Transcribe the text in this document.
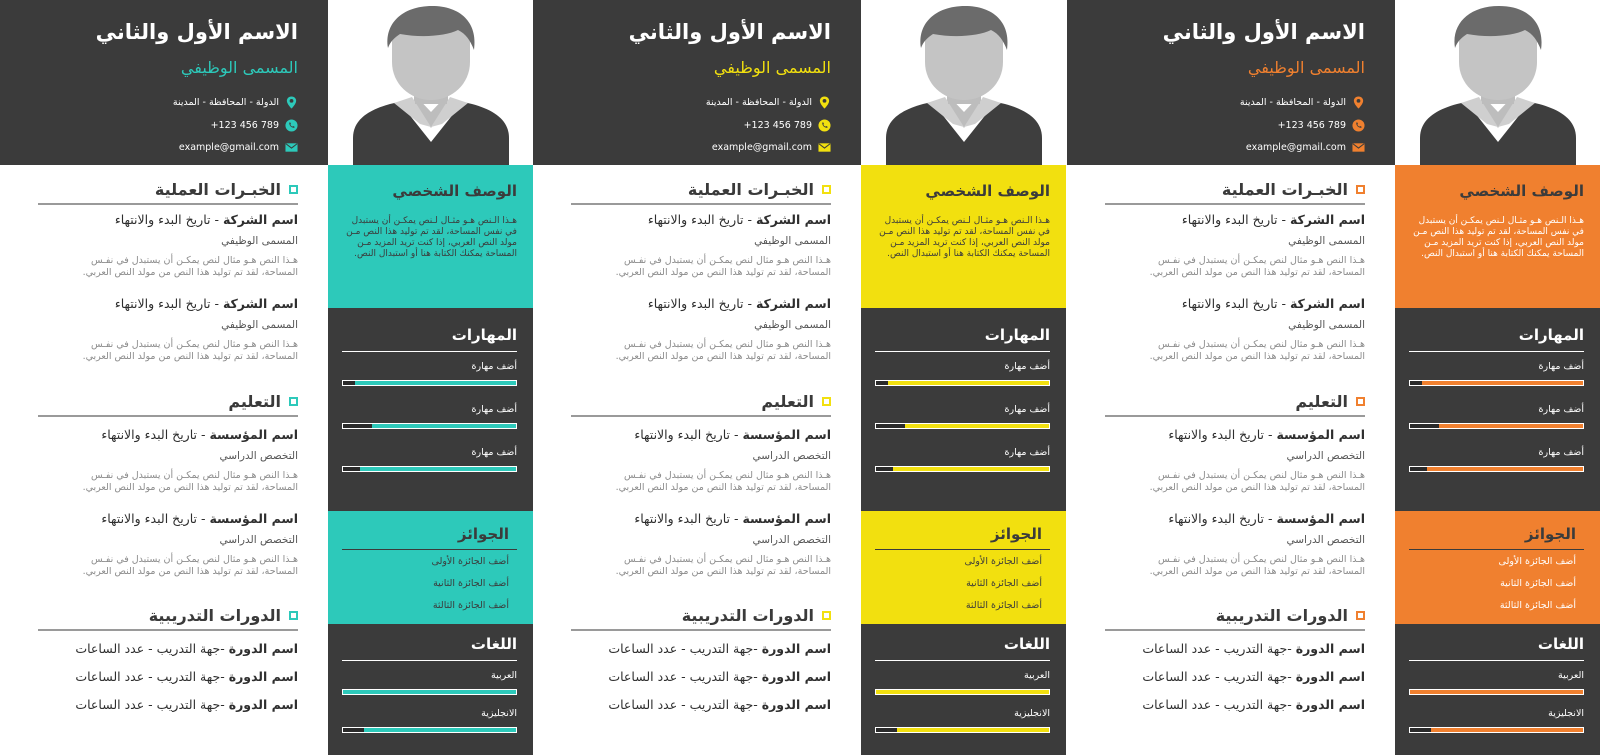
الاسم الأول والثاني
المسمى الوظيفي
الدولة - المحافظة - المدينة
+123 456 789
example@gmail.com
الوصف الشخصي
هـذا الـنص هـو مثـال لـنص يمكـن أن يستبدل في نفس المساحة، لقد تم توليد هذا النص مـن مولد النص العربي، إذا كنت تريد المزيد مـن المساحة يمكنك الكتابة هنا أو استبدال النص.
المهارات
أضف مهارة
أضف مهارة
أضف مهارة
الجوائز
أضف الجائزة الأولى
أضف الجائزة الثانية
أضف الجائزة الثالثة
اللغات
العربية
الانجليزية
الخبـرات العملية
اسم الشركة - تاريخ البدء والانتهاء
المسمى الوظيفي
هـذا النص هـو مثال لنص يمكـن أن يستبدل في نفـس المساحة، لقد تم توليد هذا النص من مولد النص العربي.
اسم الشركة - تاريخ البدء والانتهاء
المسمى الوظيفي
هـذا النص هـو مثال لنص يمكـن أن يستبدل في نفـس المساحة، لقد تم توليد هذا النص من مولد النص العربي.
التعليم
اسم المؤسسة - تاريخ البدء والانتهاء
التخصص الدراسي
هـذا النص هـو مثال لنص يمكـن أن يستبدل في نفـس المساحة، لقد تم توليد هذا النص من مولد النص العربي.
اسم المؤسسة - تاريخ البدء والانتهاء
التخصص الدراسي
هـذا النص هـو مثال لنص يمكـن أن يستبدل في نفـس المساحة، لقد تم توليد هذا النص من مولد النص العربي.
الدورات التدريبية
اسم الدورة -جهة التدريب - عدد الساعات
اسم الدورة -جهة التدريب - عدد الساعات
اسم الدورة -جهة التدريب - عدد الساعات
الاسم الأول والثاني
المسمى الوظيفي
الدولة - المحافظة - المدينة
+123 456 789
example@gmail.com
الوصف الشخصي
هـذا الـنص هـو مثـال لـنص يمكـن أن يستبدل في نفس المساحة، لقد تم توليد هذا النص مـن مولد النص العربي، إذا كنت تريد المزيد مـن المساحة يمكنك الكتابة هنا أو استبدال النص.
المهارات
أضف مهارة
أضف مهارة
أضف مهارة
الجوائز
أضف الجائزة الأولى
أضف الجائزة الثانية
أضف الجائزة الثالثة
اللغات
العربية
الانجليزية
الخبـرات العملية
اسم الشركة - تاريخ البدء والانتهاء
المسمى الوظيفي
هـذا النص هـو مثال لنص يمكـن أن يستبدل في نفـس المساحة، لقد تم توليد هذا النص من مولد النص العربي.
اسم الشركة - تاريخ البدء والانتهاء
المسمى الوظيفي
هـذا النص هـو مثال لنص يمكـن أن يستبدل في نفـس المساحة، لقد تم توليد هذا النص من مولد النص العربي.
التعليم
اسم المؤسسة - تاريخ البدء والانتهاء
التخصص الدراسي
هـذا النص هـو مثال لنص يمكـن أن يستبدل في نفـس المساحة، لقد تم توليد هذا النص من مولد النص العربي.
اسم المؤسسة - تاريخ البدء والانتهاء
التخصص الدراسي
هـذا النص هـو مثال لنص يمكـن أن يستبدل في نفـس المساحة، لقد تم توليد هذا النص من مولد النص العربي.
الدورات التدريبية
اسم الدورة -جهة التدريب - عدد الساعات
اسم الدورة -جهة التدريب - عدد الساعات
اسم الدورة -جهة التدريب - عدد الساعات
الاسم الأول والثاني
المسمى الوظيفي
الدولة - المحافظة - المدينة
+123 456 789
example@gmail.com
الوصف الشخصي
هـذا الـنص هـو مثـال لـنص يمكـن أن يستبدل في نفس المساحة، لقد تم توليد هذا النص مـن مولد النص العربي، إذا كنت تريد المزيد مـن المساحة يمكنك الكتابة هنا أو استبدال النص.
المهارات
أضف مهارة
أضف مهارة
أضف مهارة
الجوائز
أضف الجائزة الأولى
أضف الجائزة الثانية
أضف الجائزة الثالثة
اللغات
العربية
الانجليزية
الخبـرات العملية
اسم الشركة - تاريخ البدء والانتهاء
المسمى الوظيفي
هـذا النص هـو مثال لنص يمكـن أن يستبدل في نفـس المساحة، لقد تم توليد هذا النص من مولد النص العربي.
اسم الشركة - تاريخ البدء والانتهاء
المسمى الوظيفي
هـذا النص هـو مثال لنص يمكـن أن يستبدل في نفـس المساحة، لقد تم توليد هذا النص من مولد النص العربي.
التعليم
اسم المؤسسة - تاريخ البدء والانتهاء
التخصص الدراسي
هـذا النص هـو مثال لنص يمكـن أن يستبدل في نفـس المساحة، لقد تم توليد هذا النص من مولد النص العربي.
اسم المؤسسة - تاريخ البدء والانتهاء
التخصص الدراسي
هـذا النص هـو مثال لنص يمكـن أن يستبدل في نفـس المساحة، لقد تم توليد هذا النص من مولد النص العربي.
الدورات التدريبية
اسم الدورة -جهة التدريب - عدد الساعات
اسم الدورة -جهة التدريب - عدد الساعات
اسم الدورة -جهة التدريب - عدد الساعات
